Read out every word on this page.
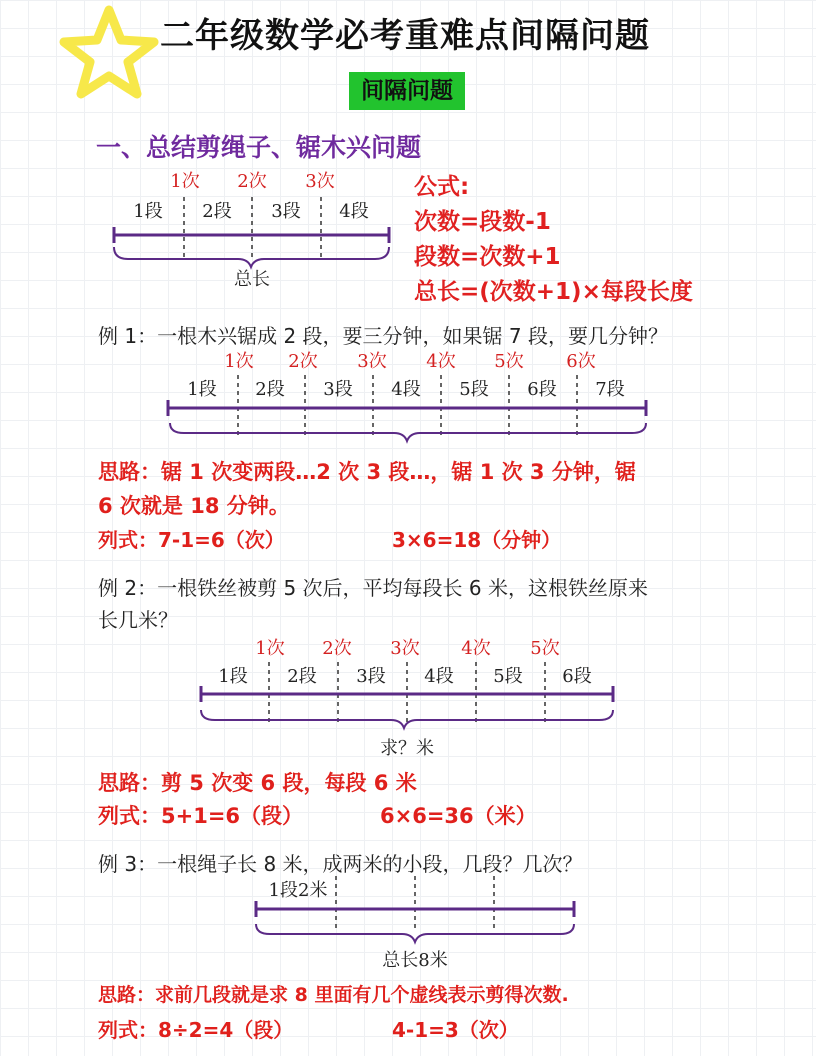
二年级数学必考重难点间隔问题
间隔问题
一、总结剪绳子、锯木兴问题
1次 2次 3次
1段 2段 3段 4段
总长
公式:
次数=段数-1
段数=次数+1
总长=(次数+1)×每段长度
例 1：一根木兴锯成 2 段，要三分钟，如果锯 7 段，要几分钟？
1次 2次 3次 4次 5次 6次
1段 2段 3段 4段 5段 6段 7段
思路：锯 1 次变两段…2 次 3 段…，锯 1 次 3 分钟，锯
6 次就是 18 分钟。
列式：7-1=6（次）	3×6=18（分钟）
例 2：一根铁丝被剪 5 次后，平均每段长 6 米，这根铁丝原来
长几米？
1次 2次 3次 4次 5次
1段 2段 3段 4段 5段 6段
求？米
思路：剪 5 次变 6 段，每段 6 米
列式：5+1=6（段）	6×6=36（米）
例 3：一根绳子长 8 米，成两米的小段，几段？几次？
1段2米
总长8米
思路：求前几段就是求 8 里面有几个虚线表示剪得次数.
列式：8÷2=4（段）	4-1=3（次）
